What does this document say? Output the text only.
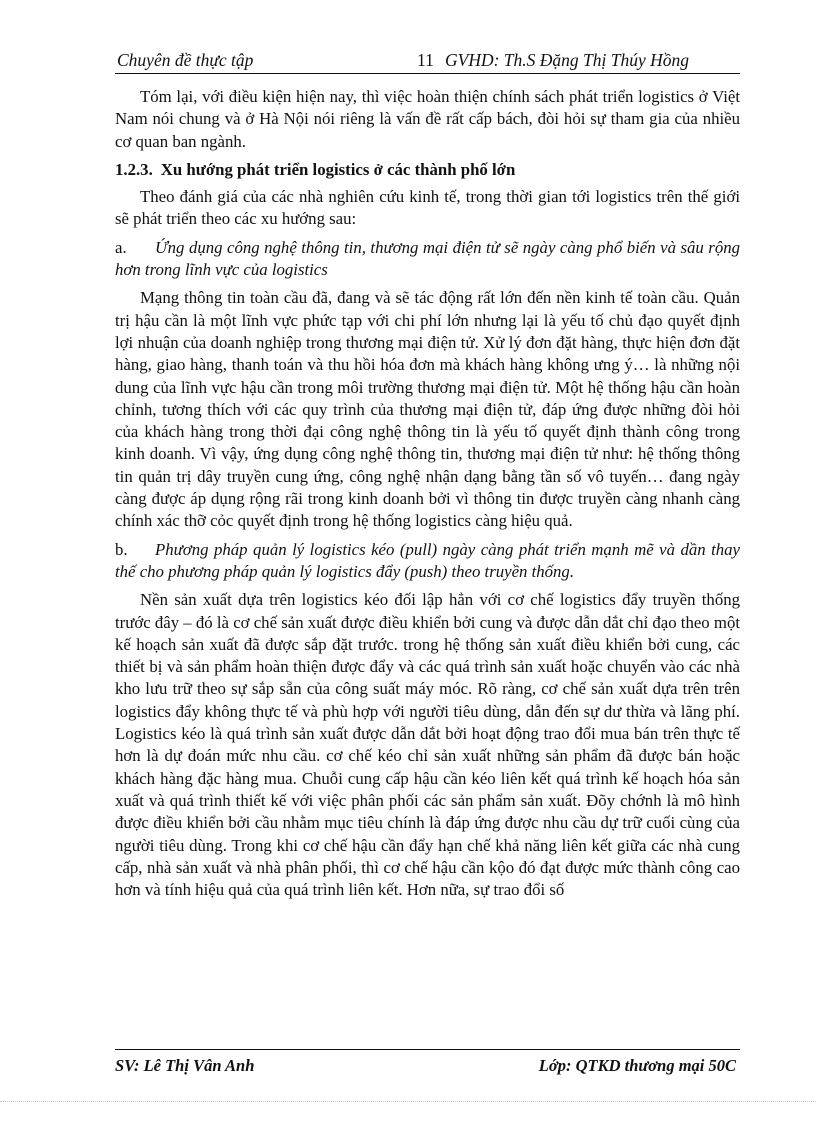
Chuyên đề thực tập	11 GVHD: Th.S Đặng Thị Thúy Hồng

Tóm lại, với điều kiện hiện nay, thì việc hoàn thiện chính sách phát triển logistics ở Việt Nam nói chung và ở Hà Nội nói riêng là vấn đề rất cấp bách, đòi hỏi sự tham gia của nhiều cơ quan ban ngành.

1.2.3. Xu hướng phát triển logistics ở các thành phố lớn

Theo đánh giá của các nhà nghiên cứu kinh tế, trong thời gian tới logistics trên thế giới sẽ phát triển theo các xu hướng sau:

a. Ứng dụng công nghệ thông tin, thương mại điện tử sẽ ngày càng phổ biến và sâu rộng hơn trong lĩnh vực của logistics

Mạng thông tin toàn cầu đã, đang và sẽ tác động rất lớn đến nền kinh tế toàn cầu. Quản trị hậu cần là một lĩnh vực phức tạp với chi phí lớn nhưng lại là yếu tố chủ đạo quyết định lợi nhuận của doanh nghiệp trong thương mại điện tử. Xử lý đơn đặt hàng, thực hiện đơn đặt hàng, giao hàng, thanh toán và thu hồi hóa đơn mà khách hàng không ưng ý… là những nội dung của lĩnh vực hậu cần trong môi trường thương mại điện tử. Một hệ thống hậu cần hoàn chỉnh, tương thích với các quy trình của thương mại điện tử, đáp ứng được những đòi hỏi của khách hàng trong thời đại công nghệ thông tin là yếu tố quyết định thành công trong kinh doanh. Vì vậy, ứng dụng công nghệ thông tin, thương mại điện tử như: hệ thống thông tin quản trị dây truyền cung ứng, công nghệ nhận dạng bằng tần số vô tuyến… đang ngày càng được áp dụng rộng rãi trong kinh doanh bởi vì thông tin được truyền càng nhanh càng chính xác thỡ cỏc quyết định trong hệ thống logistics càng hiệu quả.

b. Phương pháp quản lý logistics kéo (pull) ngày càng phát triển mạnh mẽ và dần thay thế cho phương pháp quản lý logistics đẩy (push) theo truyền thống.

Nền sản xuất dựa trên logistics kéo đối lập hẳn với cơ chế logistics đẩy truyền thống trước đây – đó là cơ chế sản xuất được điều khiển bởi cung và được dẫn dắt chỉ đạo theo một kế hoạch sản xuất đã được sắp đặt trước. trong hệ thống sản xuất điều khiển bởi cung, các thiết bị và sản phẩm hoàn thiện được đẩy và các quá trình sản xuất hoặc chuyển vào các nhà kho lưu trữ theo sự sắp sẵn của công suất máy móc. Rõ ràng, cơ chế sản xuất dựa trên trên logistics đẩy không thực tế và phù hợp với người tiêu dùng, dẫn đến sự dư thừa và lãng phí. Logistics kéo là quá trình sản xuất được dẫn dắt bởi hoạt động trao đổi mua bán trên thực tế hơn là dự đoán mức nhu cầu. cơ chế kéo chỉ sản xuất những sản phẩm đã được bán hoặc khách hàng đặc hàng mua. Chuỗi cung cấp hậu cần kéo liên kết quá trình kế hoạch hóa sản xuất và quá trình thiết kế với việc phân phối các sản phẩm sản xuất. Đõy chớnh là mô hình được điều khiển bởi cầu nhằm mục tiêu chính là đáp ứng được nhu cầu dự trữ cuối cùng của người tiêu dùng. Trong khi cơ chế hậu cần đẩy hạn chế khả năng liên kết giữa các nhà cung cấp, nhà sản xuất và nhà phân phối, thì cơ chế hậu cần kộo đó đạt được mức thành công cao hơn và tính hiệu quả của quá trình liên kết. Hơn nữa, sự trao đổi số

SV: Lê Thị Vân Anh	Lớp: QTKD thương mại 50C
